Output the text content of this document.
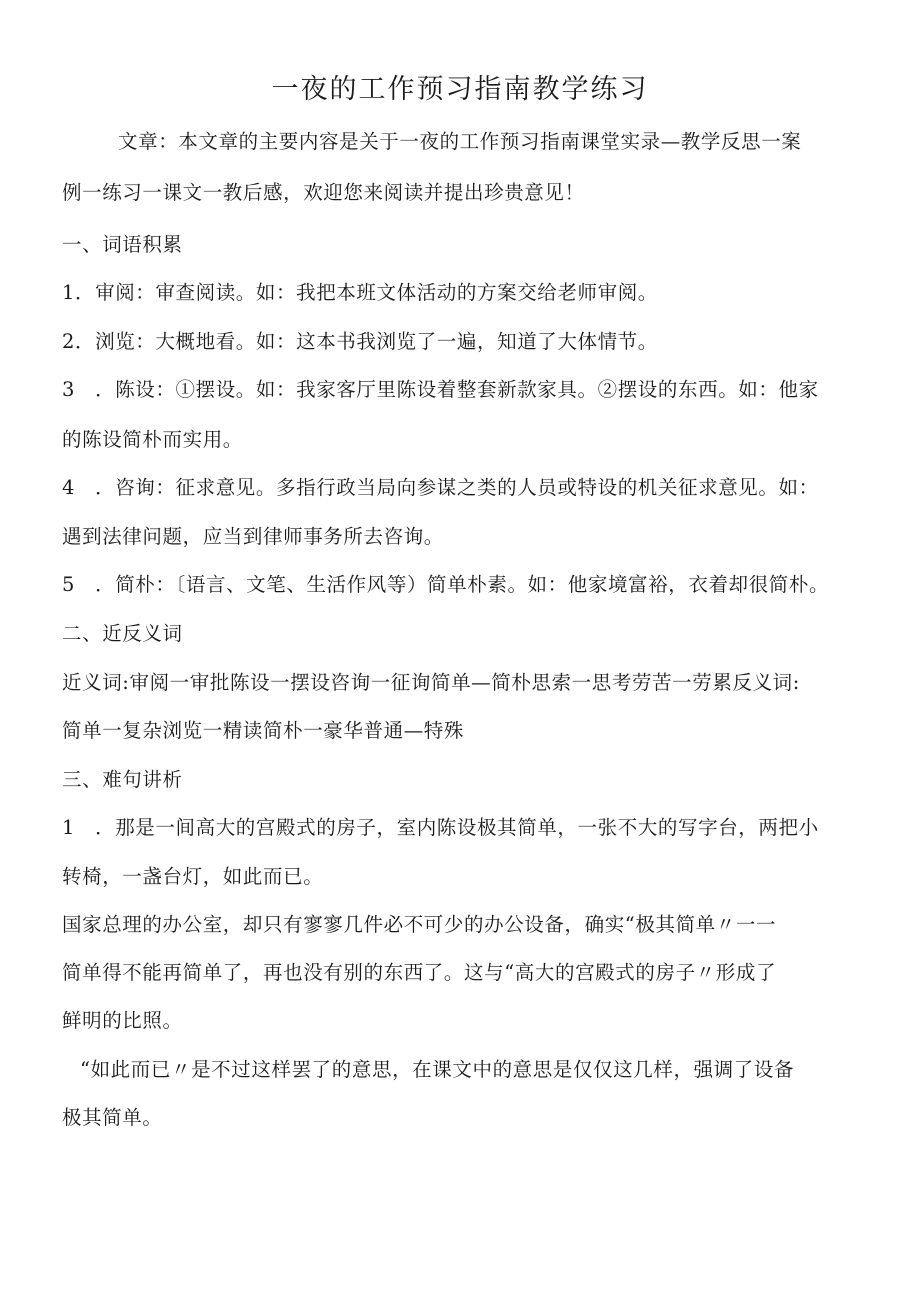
一夜的工作预习指南教学练习
文章：本文章的主要内容是关于一夜的工作预习指南课堂实录—教学反思一案
例一练习一课文一教后感，欢迎您来阅读并提出珍贵意见！
一、词语积累
1．审阅：审查阅读。如：我把本班文体活动的方案交给老师审阅。
2．浏览：大概地看。如：这本书我浏览了一遍，知道了大体情节。
3　．陈设：①摆设。如：我家客厅里陈设着整套新款家具。②摆设的东西。如：他家
的陈设简朴而实用。
4　．咨询：征求意见。多指行政当局向参谋之类的人员或特设的机关征求意见。如：
遇到法律问题，应当到律师事务所去咨询。
5　．简朴：〔语言、文笔、生活作风等）简单朴素。如：他家境富裕，衣着却很简朴。
二、近反义词
近义词:审阅一审批陈设一摆设咨询一征询简单—简朴思索一思考劳苦一劳累反义词:
简单一复杂浏览一精读简朴一豪华普通—特殊
三、难句讲析
1　．那是一间高大的宫殿式的房子，室内陈设极其简单，一张不大的写字台，两把小
转椅，一盏台灯，如此而已。
国家总理的办公室，却只有寥寥几件必不可少的办公设备，确实“极其简单〃一一
简单得不能再简单了，再也没有别的东西了。这与“高大的宫殿式的房子〃形成了
鲜明的比照。
“如此而已〃是不过这样罢了的意思，在课文中的意思是仅仅这几样，强调了设备
极其简单。
